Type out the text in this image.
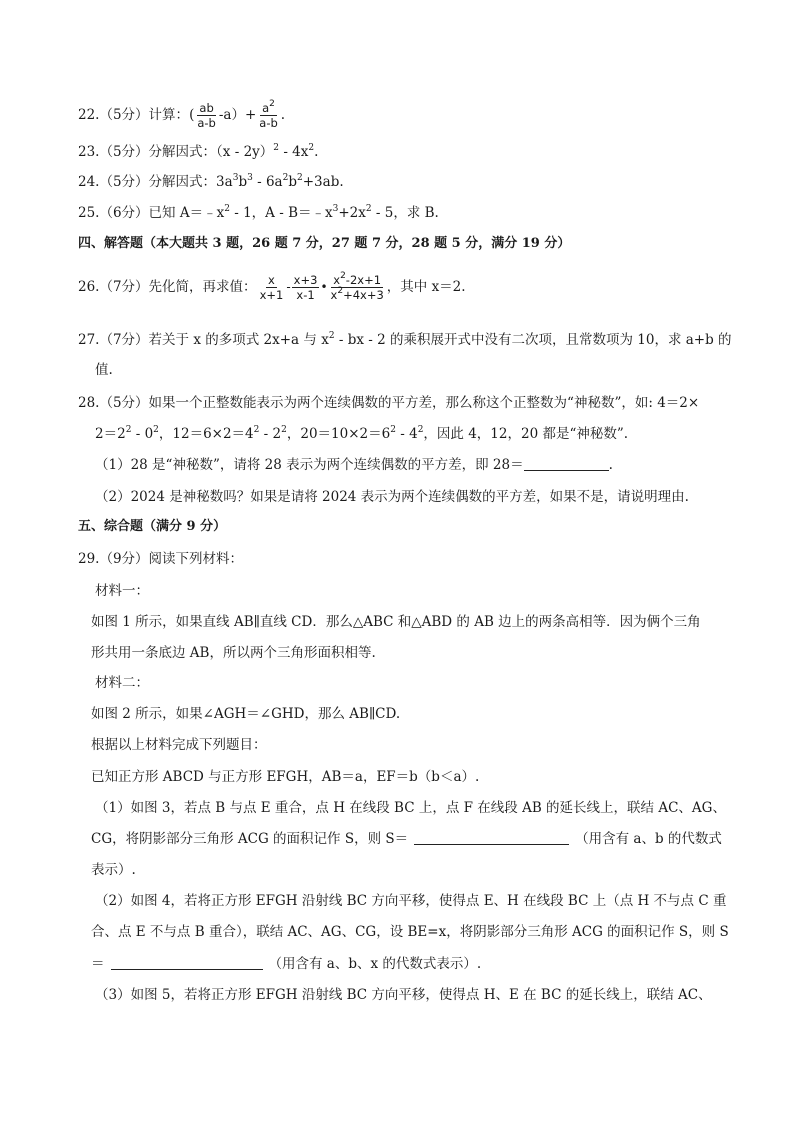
22.（5分）计算：( $\frac{ab}{a-b} -a)+ \frac{a^2}{a-b}$ .
23.（5分）分解因式：$(x - 2y)^2 - 4x^2$.
24.（5分）分解因式：$3a^3b^3 - 6a^2b^2+3ab$.
25.（6分）已知 $A=﹣x^2 - 1$，$A - B=﹣x^3+2x^2 - 5$，求 B.
四、解答题（本大题共 3 题，26 题 7 分，27 题 7 分，28 题 5 分，满分 19 分）
26.（7分）先化简，再求值： $\frac{x}{x+1} - \frac{x+3}{x-1}$ • $\frac{x^2-2x+1}{x^2+4x+3}$ ，其中 x＝2.
27.（7分）若关于 x 的多项式 2x+a 与 $x^2$ - bx - 2 的乘积展开式中没有二次项，且常数项为 10，求 a+b 的
值.
28.（5分）如果一个正整数能表示为两个连续偶数的平方差，那么称这个正整数为“神秘数”，如: 4＝2×
$2=2^2 - 0^2$，$12=6\times 2=4^2 - 2^2$，$20=10\times 2=6^2 - 4^2$，因此 4，12，20 都是“神秘数”.
（1）28 是“神秘数”，请将 28 表示为两个连续偶数的平方差，即 28＝	.
（2）2024 是神秘数吗？如果是请将 2024 表示为两个连续偶数的平方差，如果不是，请说明理由.
五、综合题（满分 9 分）
29.（9分）阅读下列材料：
材料一：
如图 1 所示，如果直线 AB∥直线 CD．那么△ABC 和△ABD 的 AB 边上的两条高相等．因为俩个三角
形共用一条底边 AB，所以两个三角形面积相等.
材料二：
如图 2 所示，如果∠AGH＝∠GHD，那么 AB∥CD.
根据以上材料完成下列题目：
已知正方形 ABCD 与正方形 EFGH，AB＝a，EF＝b（b＜a）.
（1）如图 3，若点 B 与点 E 重合，点 H 在线段 BC 上，点 F 在线段 AB 的延长线上，联结 AC、AG、
CG，将阴影部分三角形 ACG 的面积记作 S，则 S＝	（用含有 a、b 的代数式
表示）.
（2）如图 4，若将正方形 EFGH 沿射线 BC 方向平移，使得点 E、H 在线段 BC 上（点 H 不与点 C 重
合、点 E 不与点 B 重合），联结 AC、AG、CG，设 BE=x，将阴影部分三角形 ACG 的面积记作 S，则 S
＝	（用含有 a、b、x 的代数式表示）.
（3）如图 5，若将正方形 EFGH 沿射线 BC 方向平移，使得点 H、E 在 BC 的延长线上，联结 AC、
